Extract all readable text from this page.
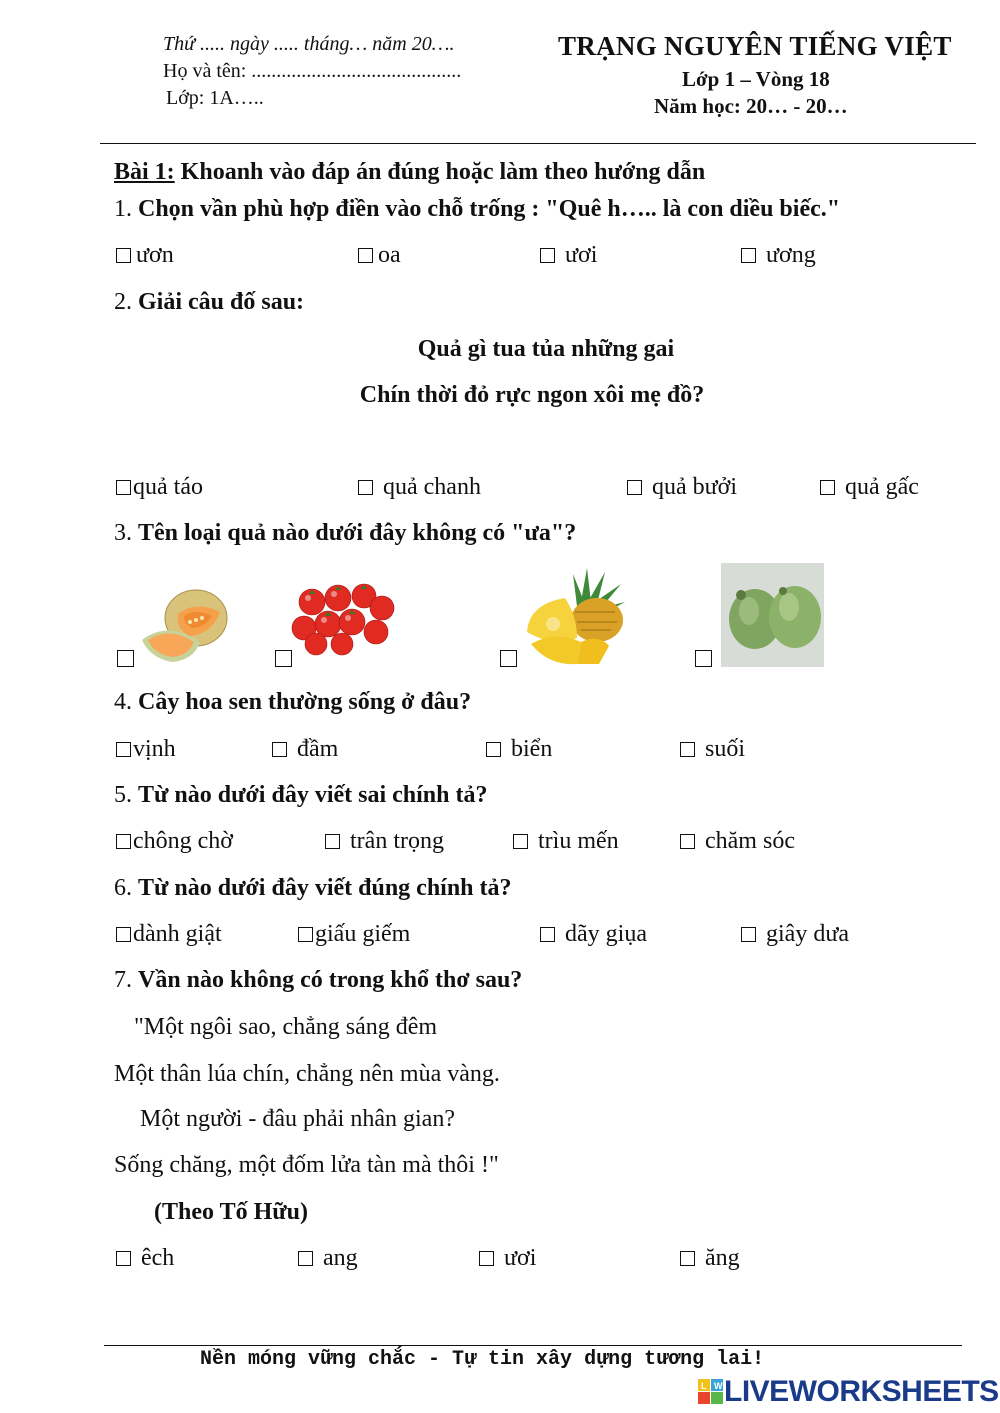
Thứ ..... ngày ..... tháng… năm 20….
Họ và tên: ..........................................
Lớp: 1A…..
TRẠNG NGUYÊN TIẾNG VIỆT
Lớp 1 – Vòng 18
Năm học: 20… - 20…
Bài 1: Khoanh vào đáp án đúng hoặc làm theo hướng dẫn
1. Chọn vần phù hợp điền vào chỗ trống : "Quê h….. là con diều biếc."
ươn	oa	ươi	ương
2. Giải câu đố sau:
Quả gì tua tủa những gai
Chín thời đỏ rực ngon xôi mẹ đồ?
quả táo	quả chanh	quả bưởi	quả gấc
3. Tên loại quả nào dưới đây không có "ưa"?
4. Cây hoa sen thường sống ở đâu?
vịnh	đầm	biển	suối
5. Từ nào dưới đây viết sai chính tả?
chông chờ	trân trọng	trìu mến	chăm sóc
6. Từ nào dưới đây viết đúng chính tả?
dành giật	giấu giếm	dãy giụa	giây dưa
7. Vần nào không có trong khổ thơ sau?
"Một ngôi sao, chẳng sáng đêm
Một thân lúa chín, chẳng nên mùa vàng.
Một người - đâu phải nhân gian?
Sống chăng, một đốm lửa tàn mà thôi !"
(Theo Tố Hữu)
êch	ang	ươi	ăng
Nền móng vững chắc - Tự tin xây dựng tương lai!
L W LIVEWORKSHEETS
